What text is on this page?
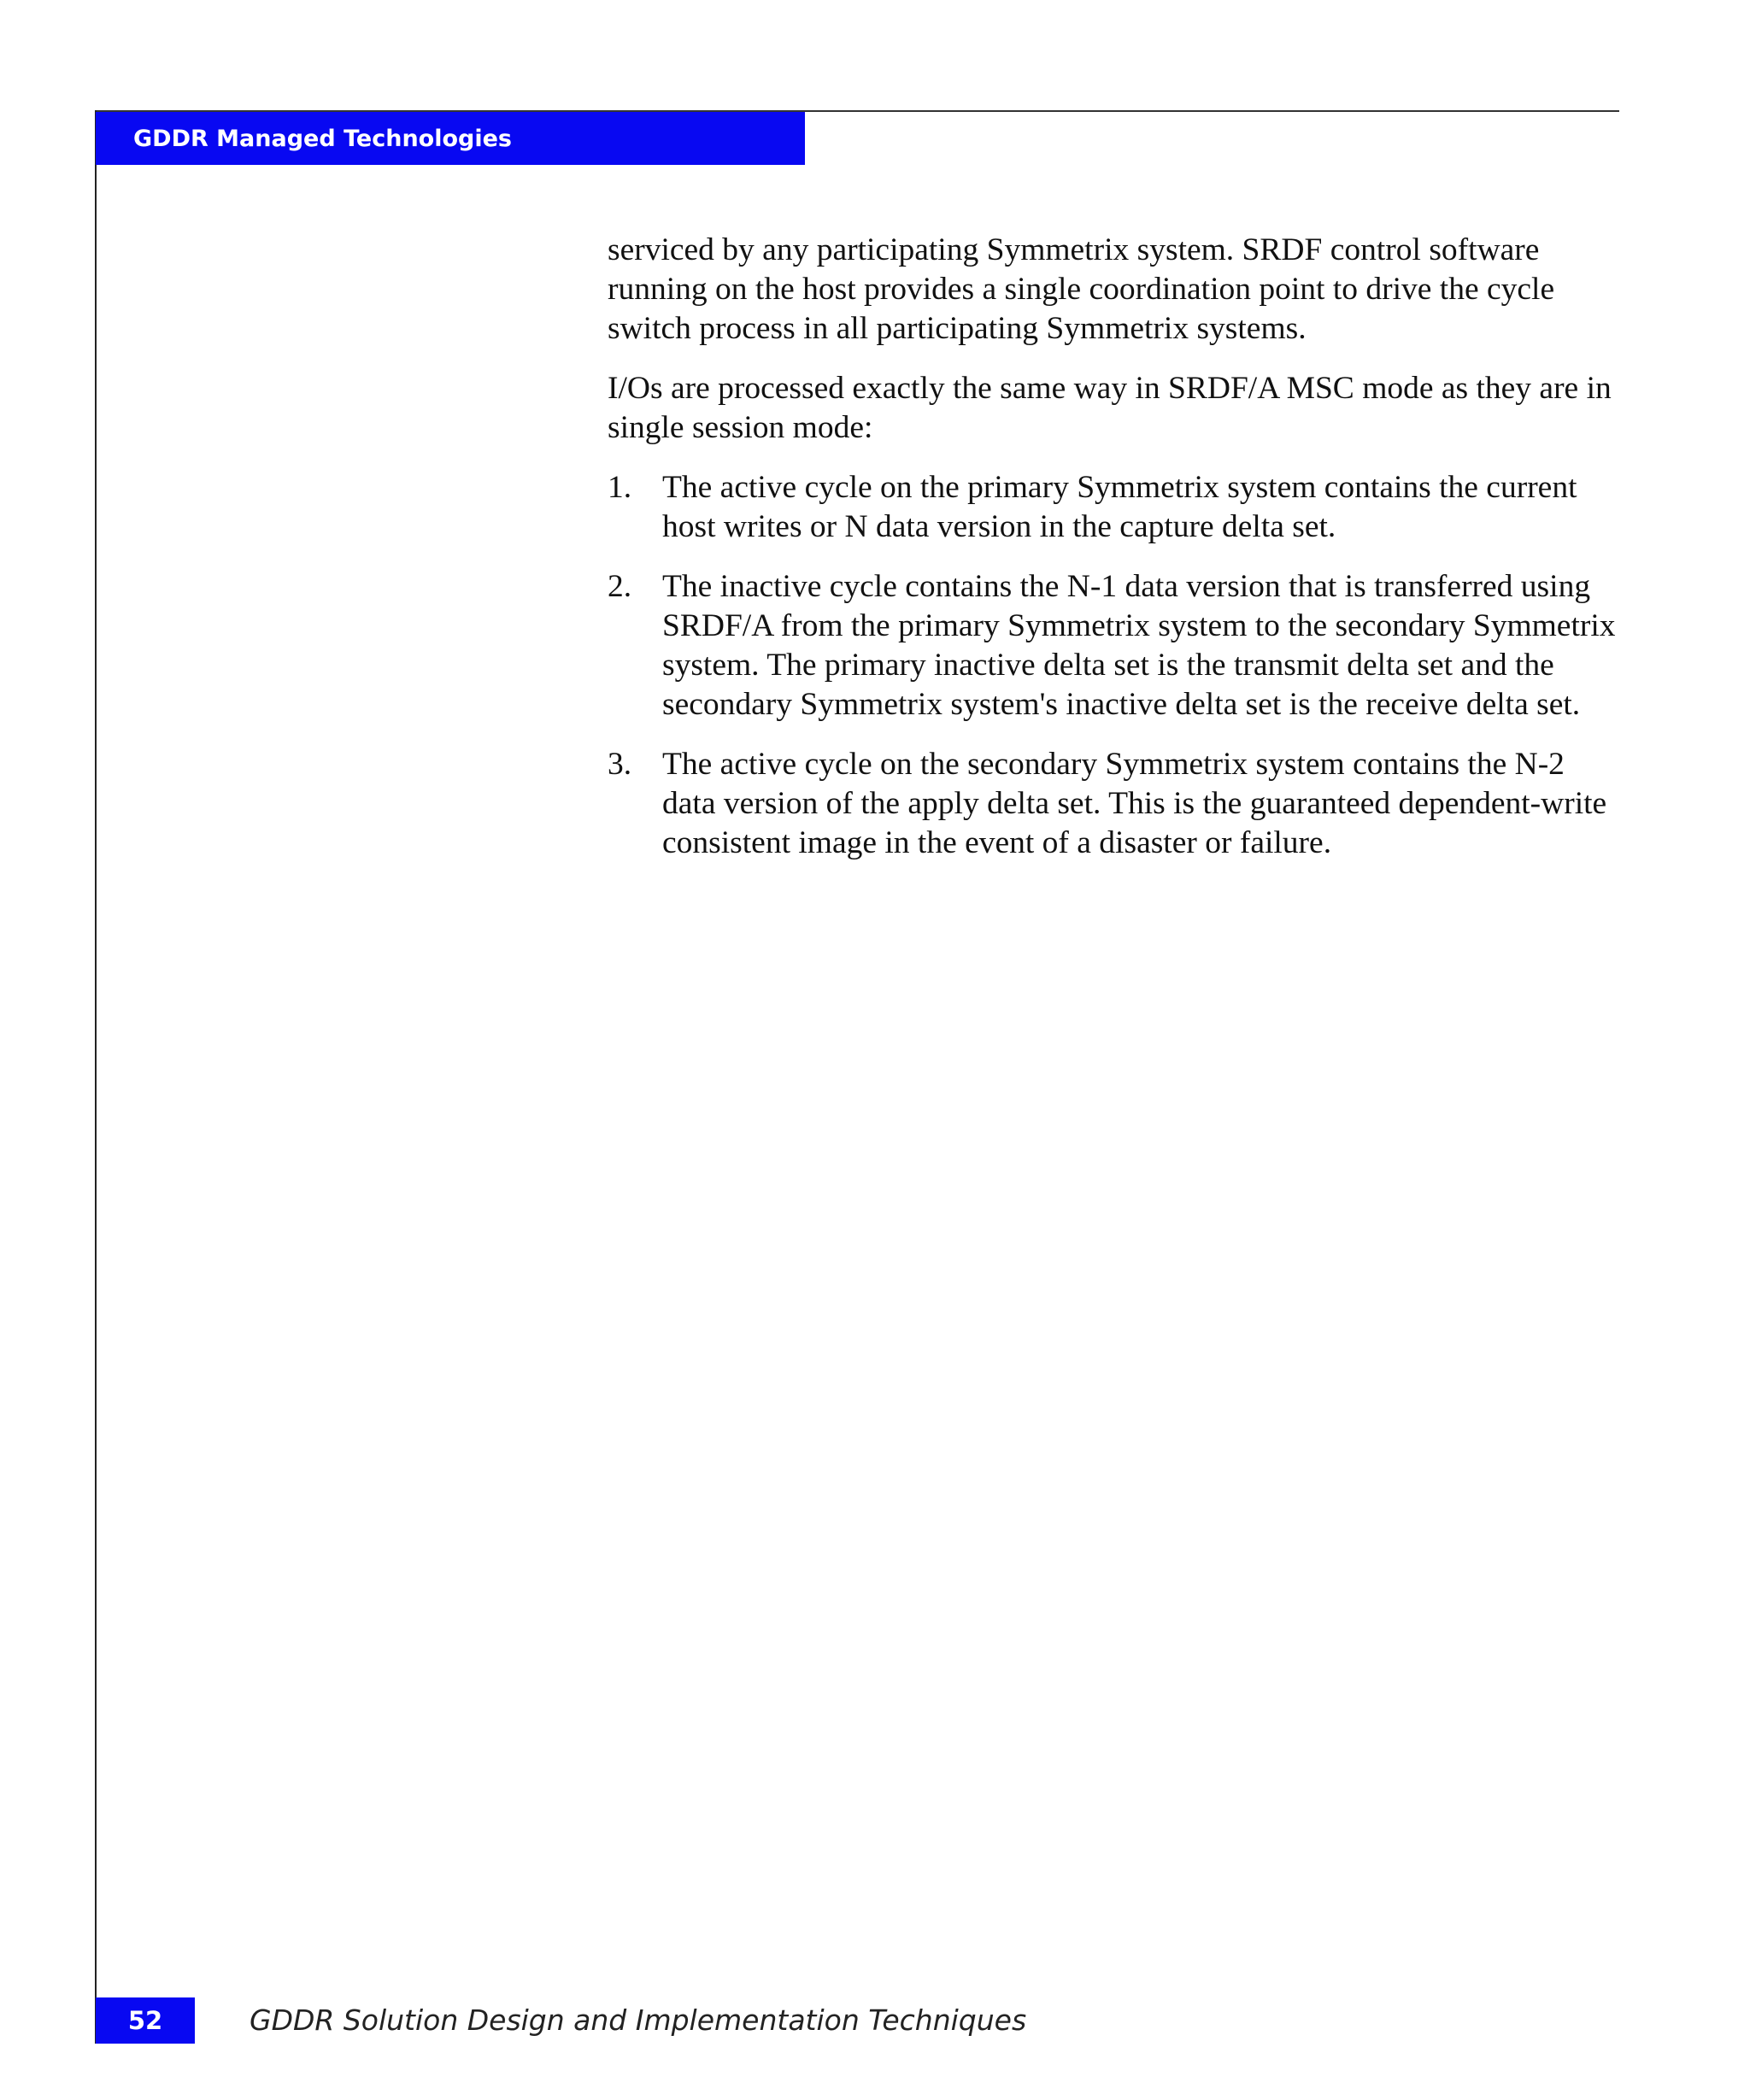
GDDR Managed Technologies

serviced by any participating Symmetrix system. SRDF control software running on the host provides a single coordination point to drive the cycle switch process in all participating Symmetrix systems.

I/Os are processed exactly the same way in SRDF/A MSC mode as they are in single session mode:

1. The active cycle on the primary Symmetrix system contains the current host writes or N data version in the capture delta set.
2. The inactive cycle contains the N-1 data version that is transferred using SRDF/A from the primary Symmetrix system to the secondary Symmetrix system. The primary inactive delta set is the transmit delta set and the secondary Symmetrix system's inactive delta set is the receive delta set.
3. The active cycle on the secondary Symmetrix system contains the N-2 data version of the apply delta set. This is the guaranteed dependent-write consistent image in the event of a disaster or failure.
52	GDDR Solution Design and Implementation Techniques
